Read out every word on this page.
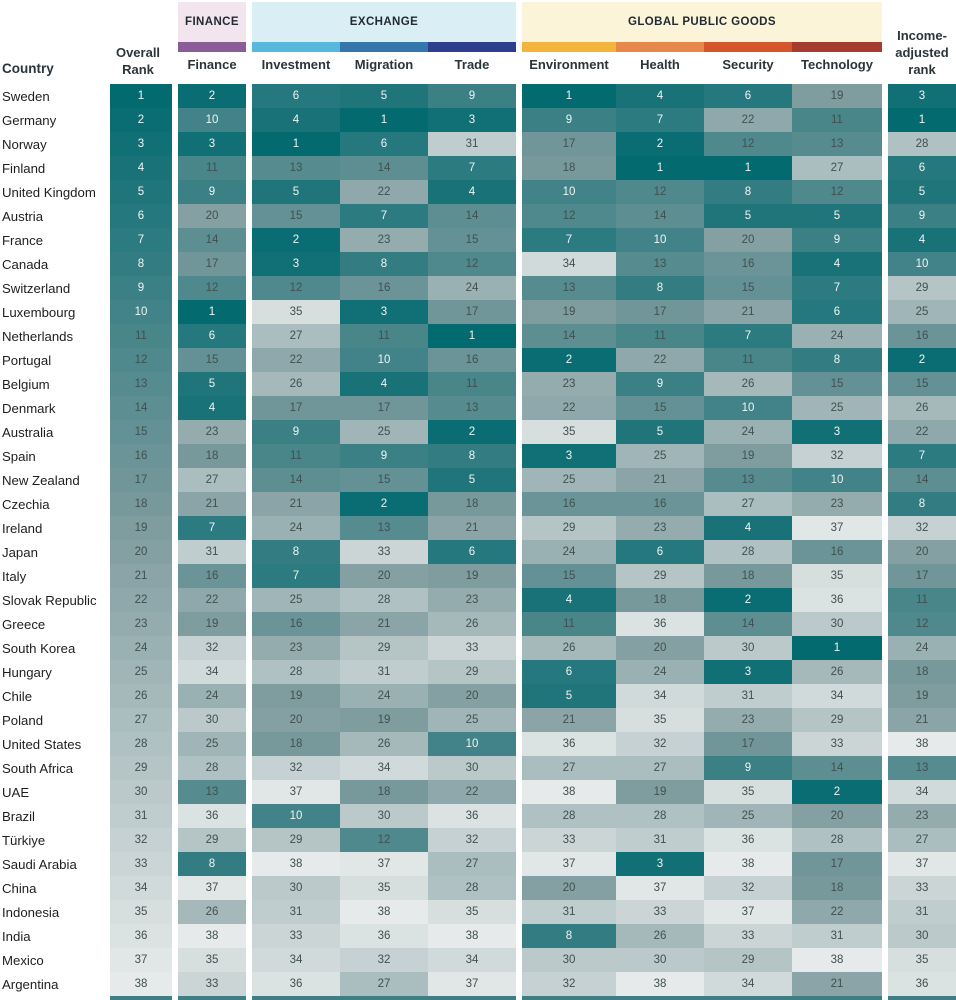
FINANCE	EXCHANGE	GLOBAL PUBLIC GOODS
Country
Overall
Rank	Finance	Investment	Migration	Trade	Environment	Health	Security	Technology
Income-
adjusted
rank
Sweden	1	2	6	5	9	1	4	6	19	3
Germany	2	10	4	1	3	9	7	22	11	1
Norway	3	3	1	6	31	17	2	12	13	28
Finland	4	11	13	14	7	18	1	1	27	6
United Kingdom	5	9	5	22	4	10	12	8	12	5
Austria	6	20	15	7	14	12	14	5	5	9
France	7	14	2	23	15	7	10	20	9	4
Canada	8	17	3	8	12	34	13	16	4	10
Switzerland	9	12	12	16	24	13	8	15	7	29
Luxembourg	10	1	35	3	17	19	17	21	6	25
Netherlands	11	6	27	11	1	14	11	7	24	16
Portugal	12	15	22	10	16	2	22	11	8	2
Belgium	13	5	26	4	11	23	9	26	15	15
Denmark	14	4	17	17	13	22	15	10	25	26
Australia	15	23	9	25	2	35	5	24	3	22
Spain	16	18	11	9	8	3	25	19	32	7
New Zealand	17	27	14	15	5	25	21	13	10	14
Czechia	18	21	21	2	18	16	16	27	23	8
Ireland	19	7	24	13	21	29	23	4	37	32
Japan	20	31	8	33	6	24	6	28	16	20
Italy	21	16	7	20	19	15	29	18	35	17
Slovak Republic	22	22	25	28	23	4	18	2	36	11
Greece	23	19	16	21	26	11	36	14	30	12
South Korea	24	32	23	29	33	26	20	30	1	24
Hungary	25	34	28	31	29	6	24	3	26	18
Chile	26	24	19	24	20	5	34	31	34	19
Poland	27	30	20	19	25	21	35	23	29	21
United States	28	25	18	26	10	36	32	17	33	38
South Africa	29	28	32	34	30	27	27	9	14	13
UAE	30	13	37	18	22	38	19	35	2	34
Brazil	31	36	10	30	36	28	28	25	20	23
Türkiye	32	29	29	12	32	33	31	36	28	27
Saudi Arabia	33	8	38	37	27	37	3	38	17	37
China	34	37	30	35	28	20	37	32	18	33
Indonesia	35	26	31	38	35	31	33	37	22	31
India	36	38	33	36	38	8	26	33	31	30
Mexico	37	35	34	32	34	30	30	29	38	35
Argentina	38	33	36	27	37	32	38	34	21	36
